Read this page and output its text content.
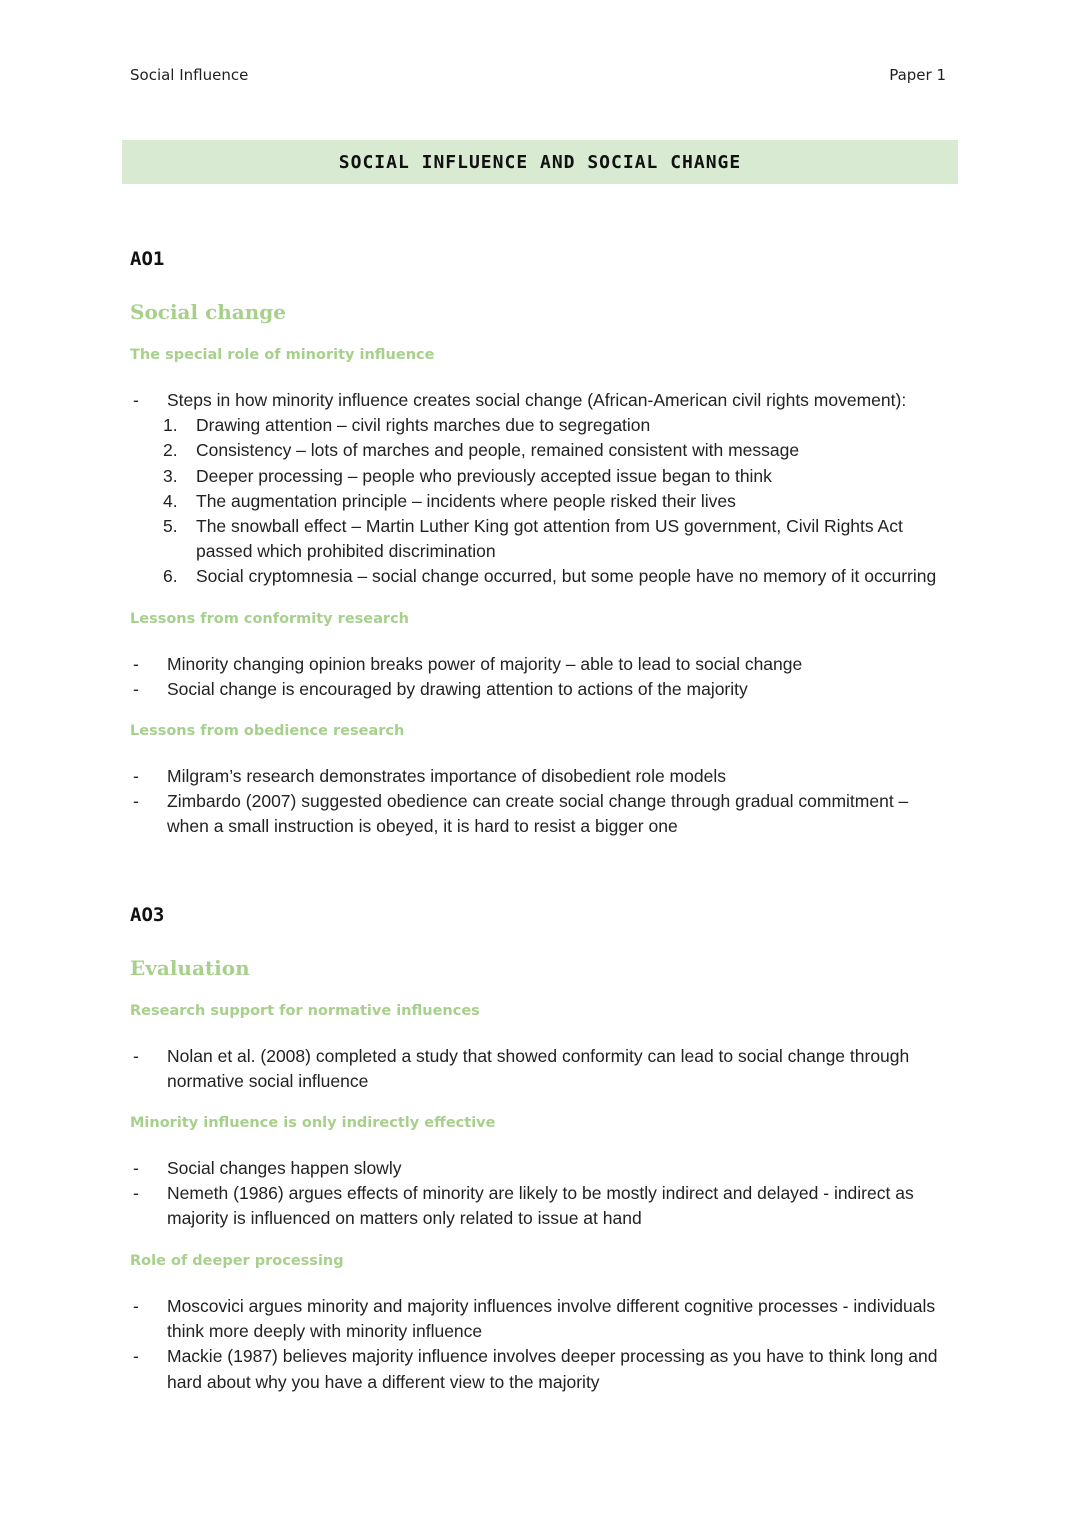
Social Influence	Paper 1
SOCIAL INFLUENCE AND SOCIAL CHANGE
AO1
Social change
The special role of minority influence
-	Steps in how minority influence creates social change (African-American civil rights movement):
1.	Drawing attention – civil rights marches due to segregation
2.	Consistency – lots of marches and people, remained consistent with message
3.	Deeper processing – people who previously accepted issue began to think
4.	The augmentation principle – incidents where people risked their lives
5.	The snowball effect – Martin Luther King got attention from US government, Civil Rights Act
passed which prohibited discrimination
6.	Social cryptomnesia – social change occurred, but some people have no memory of it occurring
Lessons from conformity research
-	Minority changing opinion breaks power of majority – able to lead to social change
-	Social change is encouraged by drawing attention to actions of the majority
Lessons from obedience research
-	Milgram’s research demonstrates importance of disobedient role models
-	Zimbardo (2007) suggested obedience can create social change through gradual commitment –
when a small instruction is obeyed, it is hard to resist a bigger one
AO3
Evaluation
Research support for normative influences
-	Nolan et al. (2008) completed a study that showed conformity can lead to social change through
normative social influence
Minority influence is only indirectly effective
-	Social changes happen slowly
-	Nemeth (1986) argues effects of minority are likely to be mostly indirect and delayed - indirect as
majority is influenced on matters only related to issue at hand
Role of deeper processing
-	Moscovici argues minority and majority influences involve different cognitive processes - individuals
think more deeply with minority influence
-	Mackie (1987) believes majority influence involves deeper processing as you have to think long and
hard about why you have a different view to the majority
